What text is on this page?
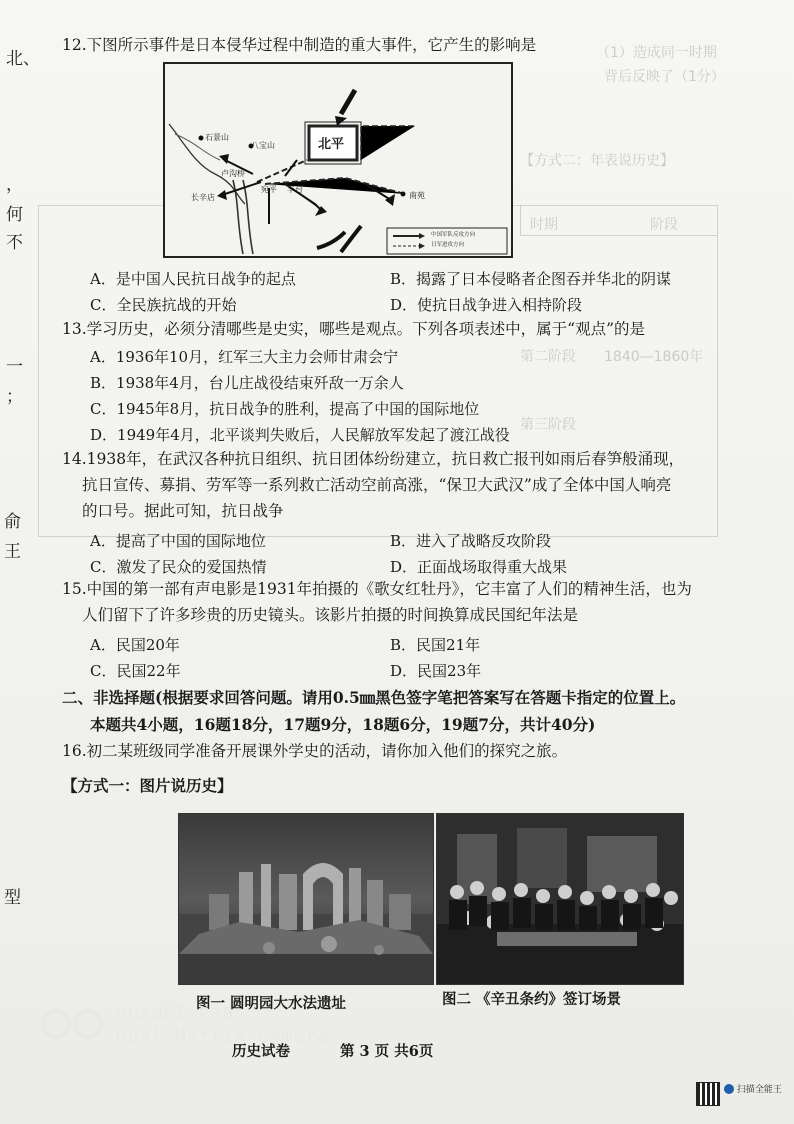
北、
，
何
不
一
；
俞
王
型
（1）造成同一时期
背后反映了（1分）
【方式二：年表说历史】
时期	阶段
第二阶段 1840—1860年
第三阶段
12.下图所示事件是日本侵华过程中制造的重大事件，它产生的影响是
石景山
八宝山	北平
卢沟桥
宛平 丰台
长辛店	南苑
中国军队反攻方向
日军进攻方向
A．是中国人民抗日战争的起点	B．揭露了日本侵略者企图吞并华北的阴谋
C．全民族抗战的开始	D．使抗日战争进入相持阶段
13.学习历史，必须分清哪些是史实，哪些是观点。下列各项表述中，属于“观点”的是
A．1936年10月，红军三大主力会师甘肃会宁
B．1938年4月，台儿庄战役结束歼敌一万余人
C．1945年8月，抗日战争的胜利，提高了中国的国际地位
D．1949年4月，北平谈判失败后，人民解放军发起了渡江战役
14.1938年，在武汉各种抗日组织、抗日团体纷纷建立，抗日救亡报刊如雨后春笋般涌现，
抗日宣传、募捐、劳军等一系列救亡活动空前高涨，“保卫大武汉”成了全体中国人响亮
的口号。据此可知，抗日战争
A．提高了中国的国际地位	B．进入了战略反攻阶段
C．激发了民众的爱国热情	D．正面战场取得重大战果
15.中国的第一部有声电影是1931年拍摄的《歌女红牡丹》，它丰富了人们的精神生活，也为
人们留下了许多珍贵的历史镜头。该影片拍摄的时间换算成民国纪年法是
A．民国20年	B．民国21年
C．民国22年	D．民国23年
二、非选择题(根据要求回答问题。请用0.5㎜黑色签字笔把答案写在答题卡指定的位置上。
本题共4小题，16题18分，17题9分，18题6分，19题7分，共计40分)
16.初二某班级同学准备开展课外学史的活动，请你加入他们的探究之旅。
【方式一：图片说历史】
图一 圆明园大水法遗址	图二 《辛丑条约》签订场景
HUAWEI P30
Dual-Matrix Camera
历史试卷	第 3 页 共6页
扫描全能王
